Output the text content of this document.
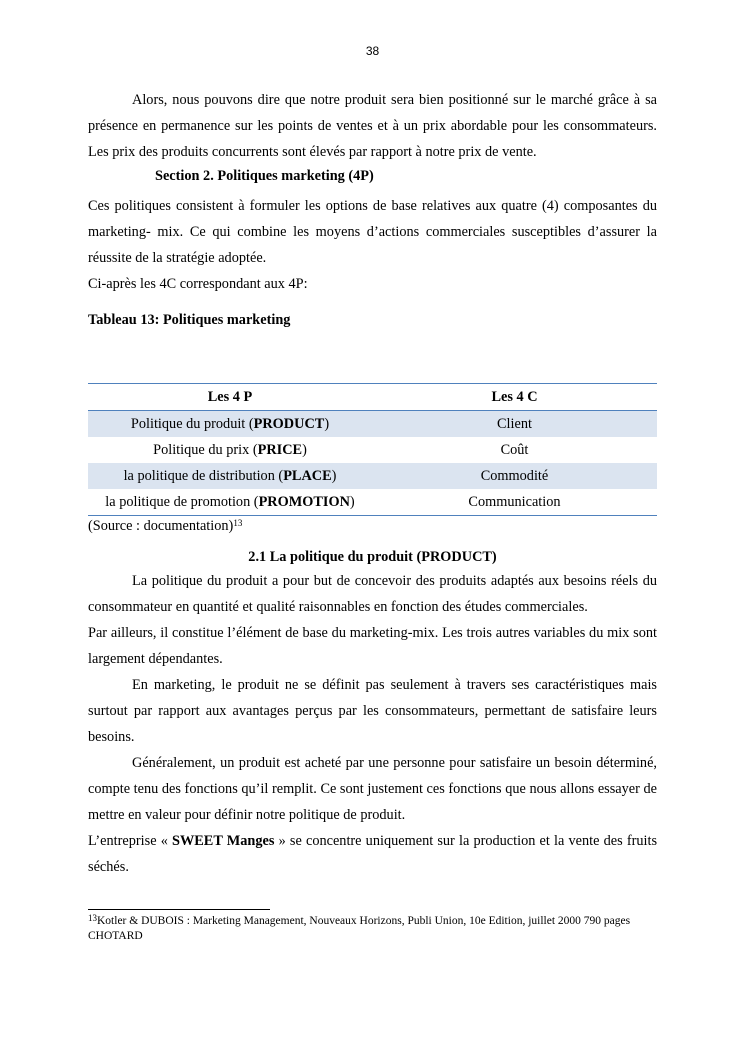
38

Alors, nous pouvons dire que notre produit sera bien positionné sur le marché grâce à sa présence en permanence sur les points de ventes et à un prix abordable pour les consommateurs. Les prix des produits concurrents sont élevés par rapport à notre prix de vente.

Section 2. Politiques marketing (4P)

Ces politiques consistent à formuler les options de base relatives aux quatre (4) composantes du marketing- mix. Ce qui combine les moyens d’actions commerciales susceptibles d’assurer la réussite de la stratégie adoptée.

Ci-après les 4C correspondant aux 4P:

Tableau 13: Politiques marketing

Les 4 P	Les 4 C
Politique du produit (PRODUCT)	Client
Politique du prix (PRICE)	Coût
la politique de distribution (PLACE)	Commodité
la politique de promotion (PROMOTION)	Communication

(Source : documentation)$^{13}$

2.1 La politique du produit (PRODUCT)

La politique du produit a pour but de concevoir des produits adaptés aux besoins réels du consommateur en quantité et qualité raisonnables en fonction des études commerciales.

Par ailleurs, il constitue l’élément de base du marketing-mix. Les trois autres variables du mix sont largement dépendantes.

En marketing, le produit ne se définit pas seulement à travers ses caractéristiques mais surtout par rapport aux avantages perçus par les consommateurs, permettant de satisfaire leurs besoins.

Généralement, un produit est acheté par une personne pour satisfaire un besoin déterminé, compte tenu des fonctions qu’il remplit. Ce sont justement ces fonctions que nous allons essayer de mettre en valeur pour définir notre politique de produit.

L’entreprise « SWEET Manges » se concentre uniquement sur la production et la vente des fruits séchés.

$^{13}$Kotler & DUBOIS : Marketing Management, Nouveaux Horizons, Publi Union, 10e Edition, juillet 2000 790 pages CHOTARD
